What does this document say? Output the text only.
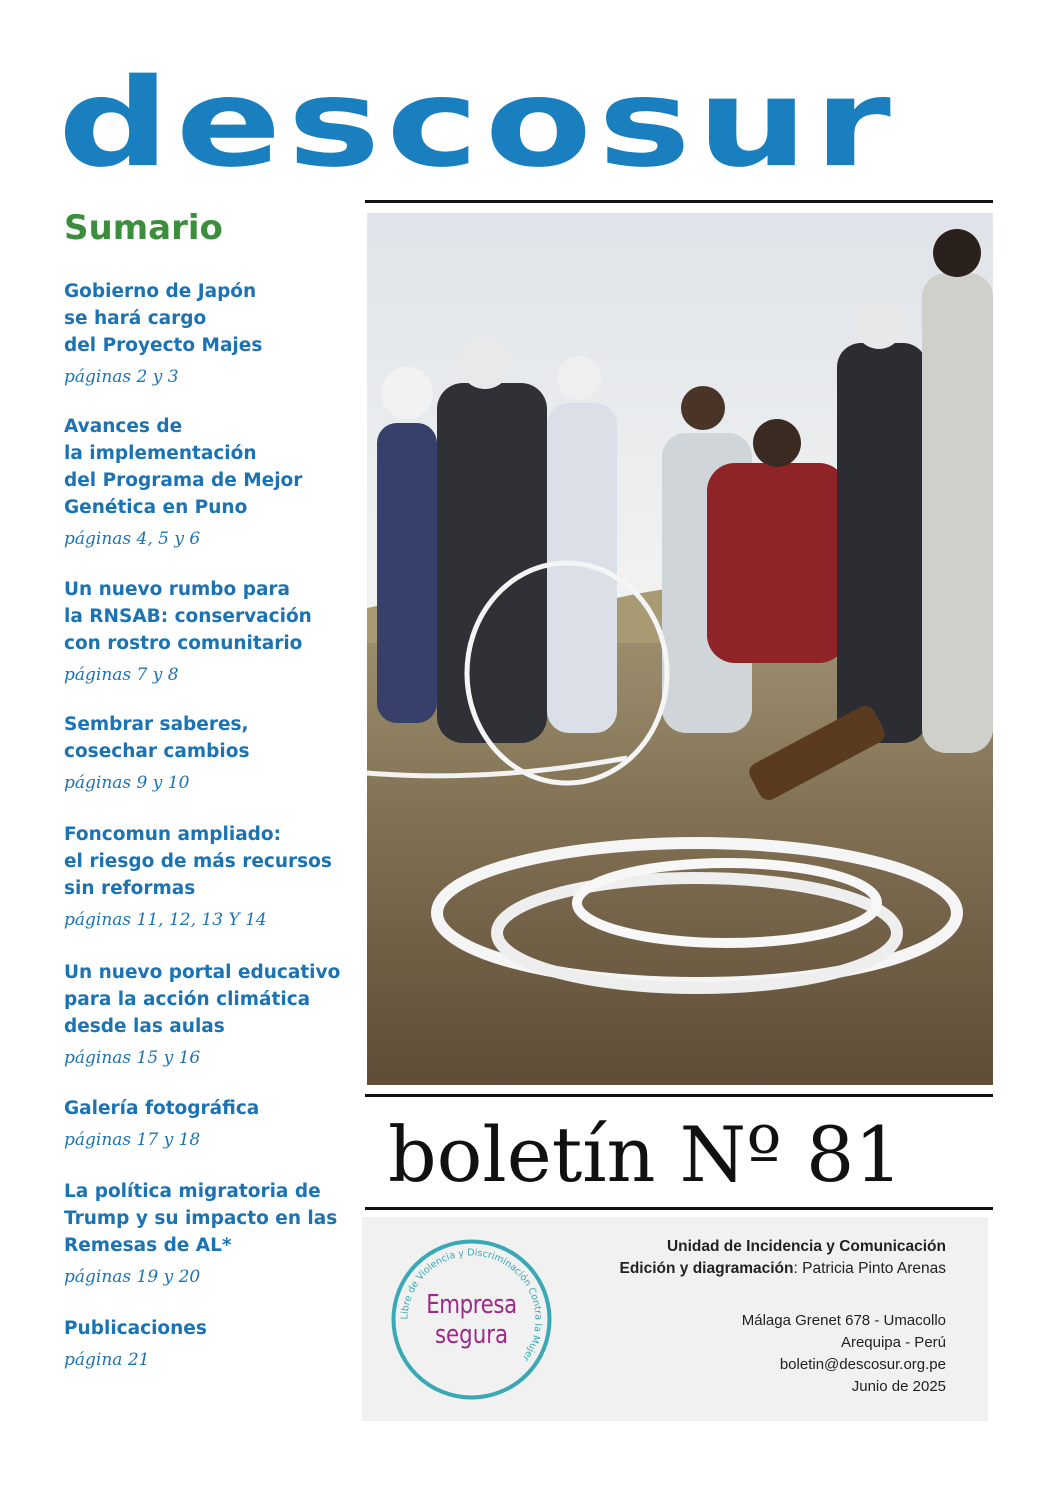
descosur
Sumario
Gobierno de Japón
se hará cargo
del Proyecto Majes
páginas 2 y 3
Avances de
la implementación
del Programa de Mejor
Genética en Puno
páginas 4, 5 y 6
Un nuevo rumbo para
la RNSAB: conservación
con rostro comunitario
páginas 7 y 8
Sembrar saberes,
cosechar cambios
páginas 9 y 10
Foncomun ampliado:
el riesgo de más recursos
sin reformas
páginas 11, 12, 13 Y 14
Un nuevo portal educativo
para la acción climática
desde las aulas
páginas 15 y 16
Galería fotográfica
páginas 17 y 18
La política migratoria de
Trump y su impacto en las
Remesas de AL*
páginas 19 y 20
Publicaciones
página 21
boletín Nº 81
Libre de Violencia y Discriminación Contra la Mujer
Empresa
segura
Unidad de Incidencia y Comunicación
Edición y diagramación: Patricia Pinto Arenas
Málaga Grenet 678 - Umacollo
Arequipa - Perú
boletin@descosur.org.pe
Junio de 2025
